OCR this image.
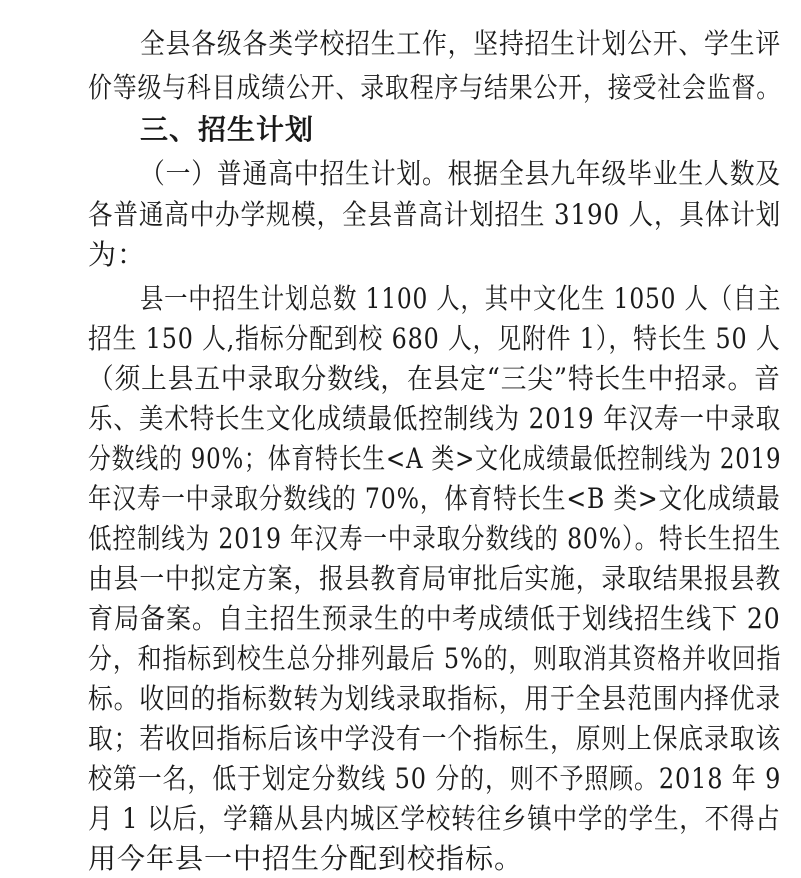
全县各级各类学校招生工作，坚持招生计划公开、学生评
价等级与科目成绩公开、录取程序与结果公开，接受社会监督。
三、招生计划
（一）普通高中招生计划。根据全县九年级毕业生人数及
各普通高中办学规模，全县普高计划招生 3190 人，具体计划
为：
县一中招生计划总数 1100 人，其中文化生 1050 人（自主
招生 150 人,指标分配到校 680 人，见附件 1），特长生 50 人
（须上县五中录取分数线，在县定“三尖”特长生中招录。音
乐、美术特长生文化成绩最低控制线为 2019 年汉寿一中录取
分数线的 90%；体育特长生<A 类>文化成绩最低控制线为 2019
年汉寿一中录取分数线的 70%，体育特长生<B 类>文化成绩最
低控制线为 2019 年汉寿一中录取分数线的 80%）。特长生招生
由县一中拟定方案，报县教育局审批后实施，录取结果报县教
育局备案。自主招生预录生的中考成绩低于划线招生线下 20
分，和指标到校生总分排列最后 5%的，则取消其资格并收回指
标。收回的指标数转为划线录取指标，用于全县范围内择优录
取；若收回指标后该中学没有一个指标生，原则上保底录取该
校第一名，低于划定分数线 50 分的，则不予照顾。2018 年 9
月 1 以后，学籍从县内城区学校转往乡镇中学的学生，不得占
用今年县一中招生分配到校指标。
